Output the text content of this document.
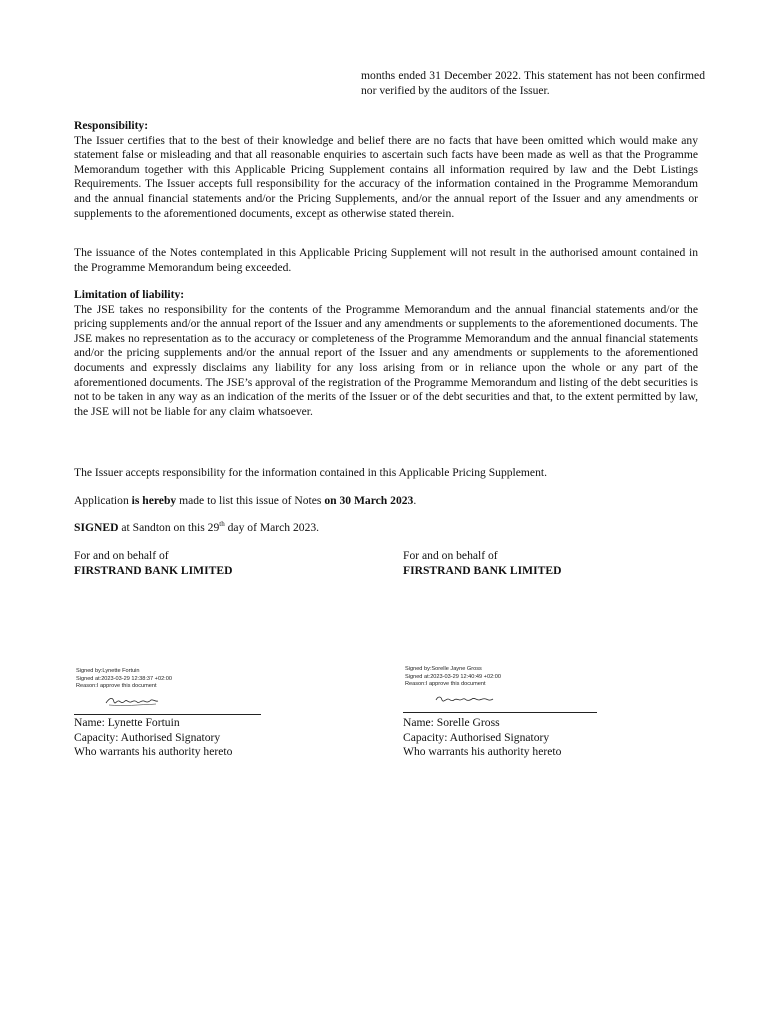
months ended 31 December 2022. This statement has not been confirmed nor verified by the auditors of the Issuer.
Responsibility:

The Issuer certifies that to the best of their knowledge and belief there are no facts that have been omitted which would make any statement false or misleading and that all reasonable enquiries to ascertain such facts have been made as well as that the Programme Memorandum together with this Applicable Pricing Supplement contains all information required by law and the Debt Listings Requirements. The Issuer accepts full responsibility for the accuracy of the information contained in the Programme Memorandum and the annual financial statements and/or the Pricing Supplements, and/or the annual report of the Issuer and any amendments or supplements to the aforementioned documents, except as otherwise stated therein.

The issuance of the Notes contemplated in this Applicable Pricing Supplement will not result in the authorised amount contained in the Programme Memorandum being exceeded.

Limitation of liability:

The JSE takes no responsibility for the contents of the Programme Memorandum and the annual financial statements and/or the pricing supplements and/or the annual report of the Issuer and any amendments or supplements to the aforementioned documents. The JSE makes no representation as to the accuracy or completeness of the Programme Memorandum and the annual financial statements and/or the pricing supplements and/or the annual report of the Issuer and any amendments or supplements to the aforementioned documents and expressly disclaims any liability for any loss arising from or in reliance upon the whole or any part of the aforementioned documents. The JSE’s approval of the registration of the Programme Memorandum and listing of the debt securities is not to be taken in any way as an indication of the merits of the Issuer or of the debt securities and that, to the extent permitted by law, the JSE will not be liable for any claim whatsoever.

The Issuer accepts responsibility for the information contained in this Applicable Pricing Supplement.
Application is hereby made to list this issue of Notes on 30 March 2023.
SIGNED at Sandton on this 29th day of March 2023.
For and on behalf of
FIRSTRAND BANK LIMITED
Signed by:Lynette Fortuin
Signed at:2023-03-29 12:38:37 +02:00
Reason:I approve this document
Name: Lynette Fortuin
Capacity: Authorised Signatory
Who warrants his authority hereto
For and on behalf of
FIRSTRAND BANK LIMITED
Signed by:Sorelle Jayne Gross
Signed at:2023-03-29 12:40:49 +02:00
Reason:I approve this document
Name: Sorelle Gross
Capacity: Authorised Signatory
Who warrants his authority hereto
